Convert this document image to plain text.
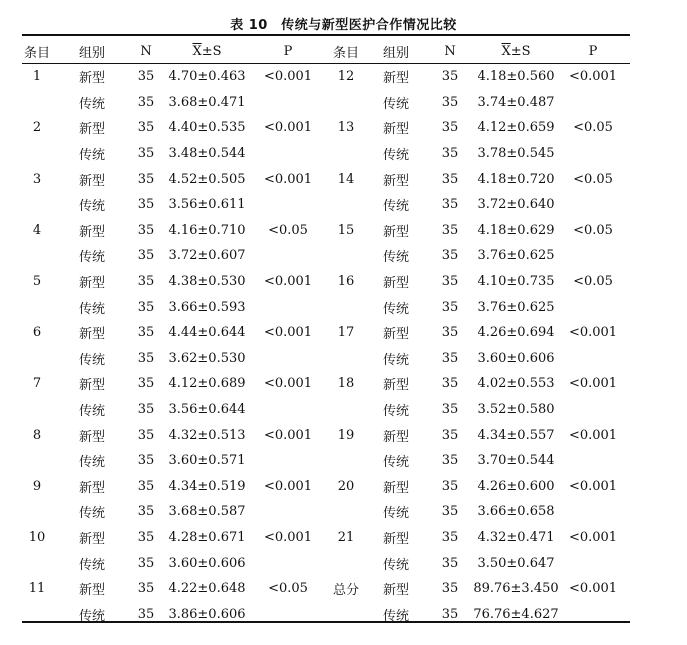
表 10　传统与新型医护合作情况比较
条目	组别	N	$\overline{X} \pm S$	P	条目	组别	N	$\overline{X} \pm S$	P
1	新型	35	4.70±0.463	<0.001	12	新型	35	4.18±0.560	<0.001
传统	35	3.68±0.471	传统	35	3.74±0.487
2	新型	35	4.40±0.535	<0.001	13	新型	35	4.12±0.659	<0.05
传统	35	3.48±0.544	传统	35	3.78±0.545
3	新型	35	4.52±0.505	<0.001	14	新型	35	4.18±0.720	<0.05
传统	35	3.56±0.611	传统	35	3.72±0.640
4	新型	35	4.16±0.710	<0.05	15	新型	35	4.18±0.629	<0.05
传统	35	3.72±0.607	传统	35	3.76±0.625
5	新型	35	4.38±0.530	<0.001	16	新型	35	4.10±0.735	<0.05
传统	35	3.66±0.593	传统	35	3.76±0.625
6	新型	35	4.44±0.644	<0.001	17	新型	35	4.26±0.694	<0.001
传统	35	3.62±0.530	传统	35	3.60±0.606
7	新型	35	4.12±0.689	<0.001	18	新型	35	4.02±0.553	<0.001
传统	35	3.56±0.644	传统	35	3.52±0.580
8	新型	35	4.32±0.513	<0.001	19	新型	35	4.34±0.557	<0.001
传统	35	3.60±0.571	传统	35	3.70±0.544
9	新型	35	4.34±0.519	<0.001	20	新型	35	4.26±0.600	<0.001
传统	35	3.68±0.587	传统	35	3.66±0.658
10	新型	35	4.28±0.671	<0.001	21	新型	35	4.32±0.471	<0.001
传统	35	3.60±0.606	传统	35	3.50±0.647
11	新型	35	4.22±0.648	<0.05	总分	新型	35	89.76±3.450 <0.001
传统	35	3.86±0.606	传统	35	76.76±4.627
